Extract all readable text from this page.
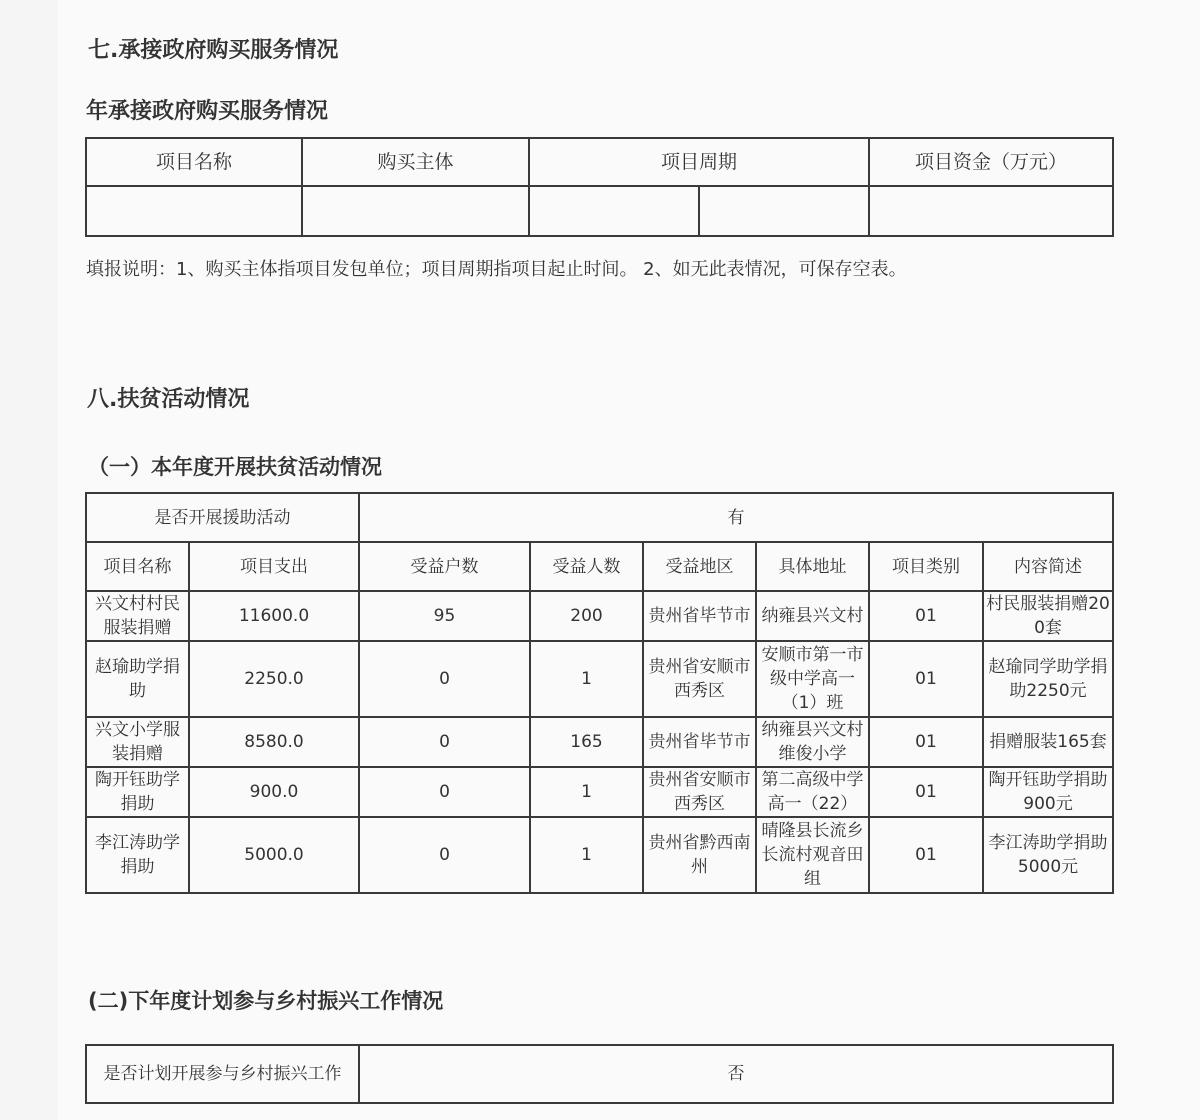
七.承接政府购买服务情况
年承接政府购买服务情况
项目名称	购买主体	项目周期		项目资金（万元）

填报说明：1、购买主体指项目发包单位；项目周期指项目起止时间。 2、如无此表情况，可保存空表。
八.扶贫活动情况
（一）本年度开展扶贫活动情况
是否开展援助活动		有					
项目名称	项目支出	受益户数	受益人数	受益地区	具体地址	项目类别	内容简述
兴文村村民服装捐赠	11600.0	95	200	贵州省毕节市	纳雍县兴文村	01	村民服装捐赠200套
赵瑜助学捐助	2250.0	0	1	贵州省安顺市西秀区	安顺市第一市级中学高一（1）班	01	赵瑜同学助学捐助2250元
兴文小学服装捐赠	8580.0	0	165	贵州省毕节市	纳雍县兴文村维俊小学	01	捐赠服装165套
陶开钰助学捐助	900.0	0	1	贵州省安顺市西秀区	第二高级中学高一（22）	01	陶开钰助学捐助900元
李江涛助学捐助	5000.0	0	1	贵州省黔西南州	晴隆县长流乡长流村观音田组	01	李江涛助学捐助5000元
(二)下年度计划参与乡村振兴工作情况
是否计划开展参与乡村振兴工作	否
